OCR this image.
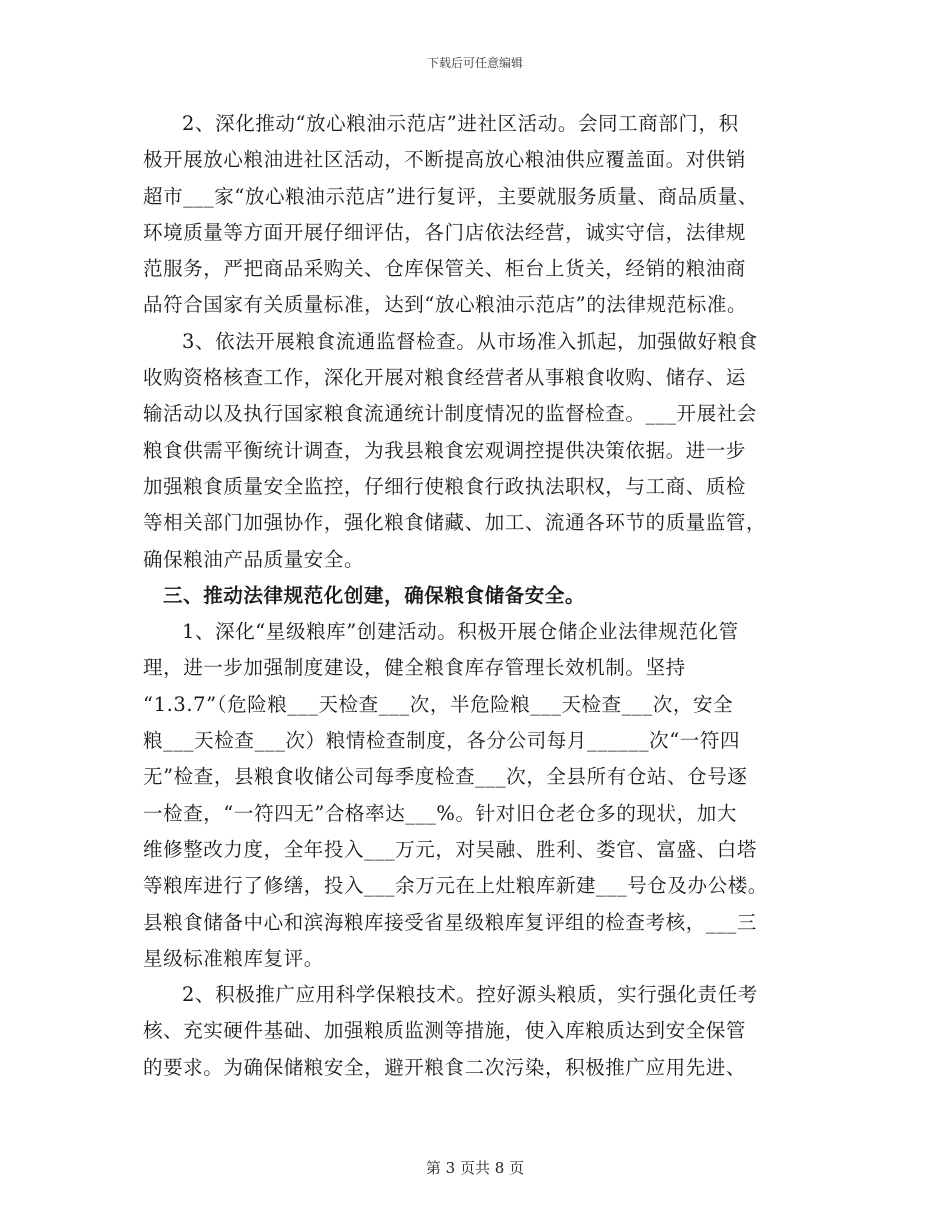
下载后可任意编辑
2、深化推动“放心粮油示范店”进社区活动。会同工商部门，积
极开展放心粮油进社区活动，不断提高放心粮油供应覆盖面。对供销
超市___家“放心粮油示范店”进行复评，主要就服务质量、商品质量、
环境质量等方面开展仔细评估，各门店依法经营，诚实守信，法律规
范服务，严把商品采购关、仓库保管关、柜台上货关，经销的粮油商
品符合国家有关质量标准，达到“放心粮油示范店”的法律规范标准。
3、依法开展粮食流通监督检查。从市场准入抓起，加强做好粮食
收购资格核查工作，深化开展对粮食经营者从事粮食收购、储存、运
输活动以及执行国家粮食流通统计制度情况的监督检查。___开展社会
粮食供需平衡统计调查，为我县粮食宏观调控提供决策依据。进一步
加强粮食质量安全监控，仔细行使粮食行政执法职权，与工商、质检
等相关部门加强协作，强化粮食储藏、加工、流通各环节的质量监管，
确保粮油产品质量安全。
三、推动法律规范化创建，确保粮食储备安全。
1、深化“星级粮库”创建活动。积极开展仓储企业法律规范化管
理，进一步加强制度建设，健全粮食库存管理长效机制。坚持
“1.3.7”（危险粮___天检查___次，半危险粮___天检查___次，安全
粮___天检查___次）粮情检查制度，各分公司每月______次“一符四
无”检查，县粮食收储公司每季度检查___次，全县所有仓站、仓号逐
一检查，“一符四无”合格率达___%。针对旧仓老仓多的现状，加大
维修整改力度，全年投入___万元，对吴融、胜利、娄官、富盛、白塔
等粮库进行了修缮，投入___余万元在上灶粮库新建___号仓及办公楼。
县粮食储备中心和滨海粮库接受省星级粮库复评组的检查考核，___三
星级标准粮库复评。
2、积极推广应用科学保粮技术。控好源头粮质，实行强化责任考
核、充实硬件基础、加强粮质监测等措施，使入库粮质达到安全保管
的要求。为确保储粮安全，避开粮食二次污染，积极推广应用先进、
第 3 页共 8 页
